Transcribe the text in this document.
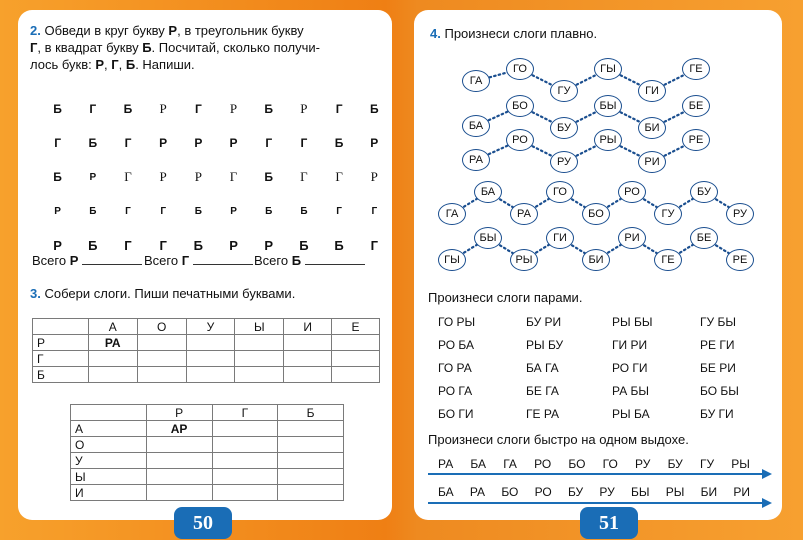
2. Обведи в круг букву Р, в треугольник букву
Г, в квадрат букву Б. Посчитай, сколько получи-
лось букв: Р, Г, Б. Напиши.
Б	Г	Б	Р	Г	Р	Б	Р	Г	Б
Г	Б	Г	Р	Р	Р	Г	Г	Б	Р
Б	Р	Г	Р	Р	Г	Б	Г	Г	Р
Р	Б	Г	Г	Б	Р	Б	Б	Г	Г
Р	Б	Г	Г	Б	Р	Р	Б	Б	Г
Всего Р	Всего Г	Всего Б
3. Собери слоги. Пиши печатными буквами.
	А	О	У	Ы	И	Е
Р	РА					
Г						
Б						
	Р	Г	Б
А	АР		
О			
У			
Ы			
И			
50
4. Произнеси слоги плавно.
ГА
ГО
ГУ
ГЫ
ГИ
ГЕ
БА
БО
БУ
БЫ
БИ
БЕ
РА
РО
РУ
РЫ
РИ
РЕ
ГА
БА
РА
ГО
БО
РО
ГУ
БУ
РУ
ГЫ
БЫ
РЫ
ГИ
БИ
РИ
ГЕ
БЕ
РЕ
Произнеси слоги парами.
ГО РЫ	БУ РИ	РЫ БЫ	ГУ БЫ
РО БА	РЫ БУ	ГИ РИ	РЕ ГИ
ГО РА	БА ГА	РО ГИ	БЕ РИ
РО ГА	БЕ ГА	РА БЫ	БО БЫ
БО ГИ	ГЕ РА	РЫ БА	БУ ГИ
Произнеси слоги быстро на одном выдохе.
РА БА ГА РО БО ГО РУ БУ ГУ РЫ
БА РА БО РО БУ РУ БЫ РЫ БИ РИ
51
